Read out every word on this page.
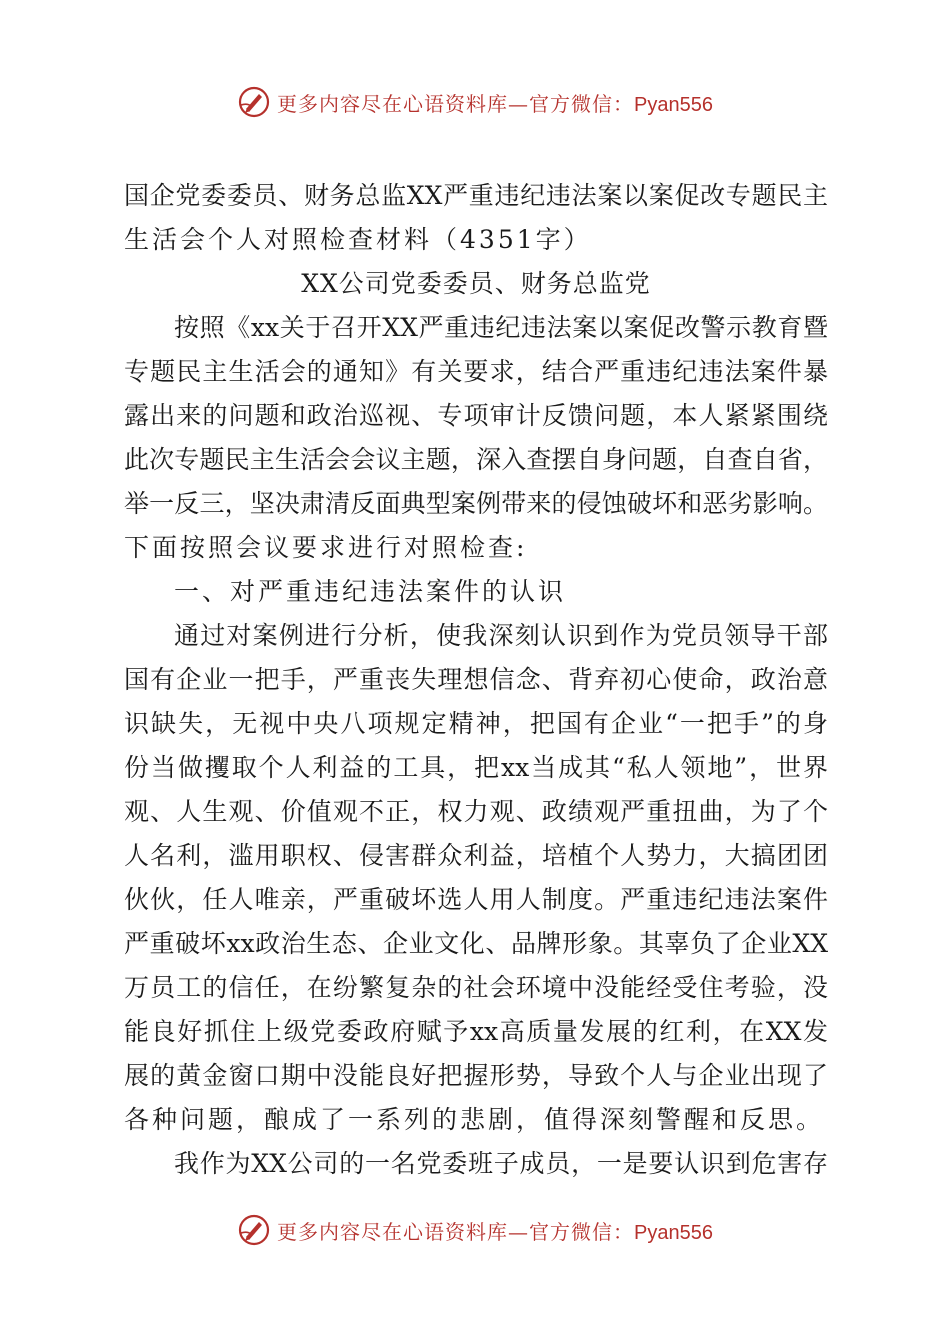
更多内容尽在心语资料库—官方微信：Pyan556
国企党委委员、财务总监XX严重违纪违法案以案促改专题民主
生活会个人对照检查材料（4351字）
XX公司党委委员、财务总监党
按照《xx关于召开XX严重违纪违法案以案促改警示教育暨
专题民主生活会的通知》有关要求，结合严重违纪违法案件暴
露出来的问题和政治巡视、专项审计反馈问题，本人紧紧围绕
此次专题民主生活会会议主题，深入查摆自身问题，自查自省，
举一反三，坚决肃清反面典型案例带来的侵蚀破坏和恶劣影响。
下面按照会议要求进行对照检查:
一、对严重违纪违法案件的认识
通过对案例进行分析，使我深刻认识到作为党员领导干部
国有企业一把手，严重丧失理想信念、背弃初心使命，政治意
识缺失，无视中央八项规定精神，把国有企业“一把手”的身
份当做攫取个人利益的工具，把xx当成其“私人领地”，世界
观、人生观、价值观不正，权力观、政绩观严重扭曲，为了个
人名利，滥用职权、侵害群众利益，培植个人势力，大搞团团
伙伙，任人唯亲，严重破坏选人用人制度。严重违纪违法案件
严重破坏xx政治生态、企业文化、品牌形象。其辜负了企业XX
万员工的信任，在纷繁复杂的社会环境中没能经受住考验，没
能良好抓住上级党委政府赋予xx高质量发展的红利，在XX发
展的黄金窗口期中没能良好把握形势，导致个人与企业出现了
各种问题，酿成了一系列的悲剧，值得深刻警醒和反思。
我作为XX公司的一名党委班子成员，一是要认识到危害存
更多内容尽在心语资料库—官方微信：Pyan556
